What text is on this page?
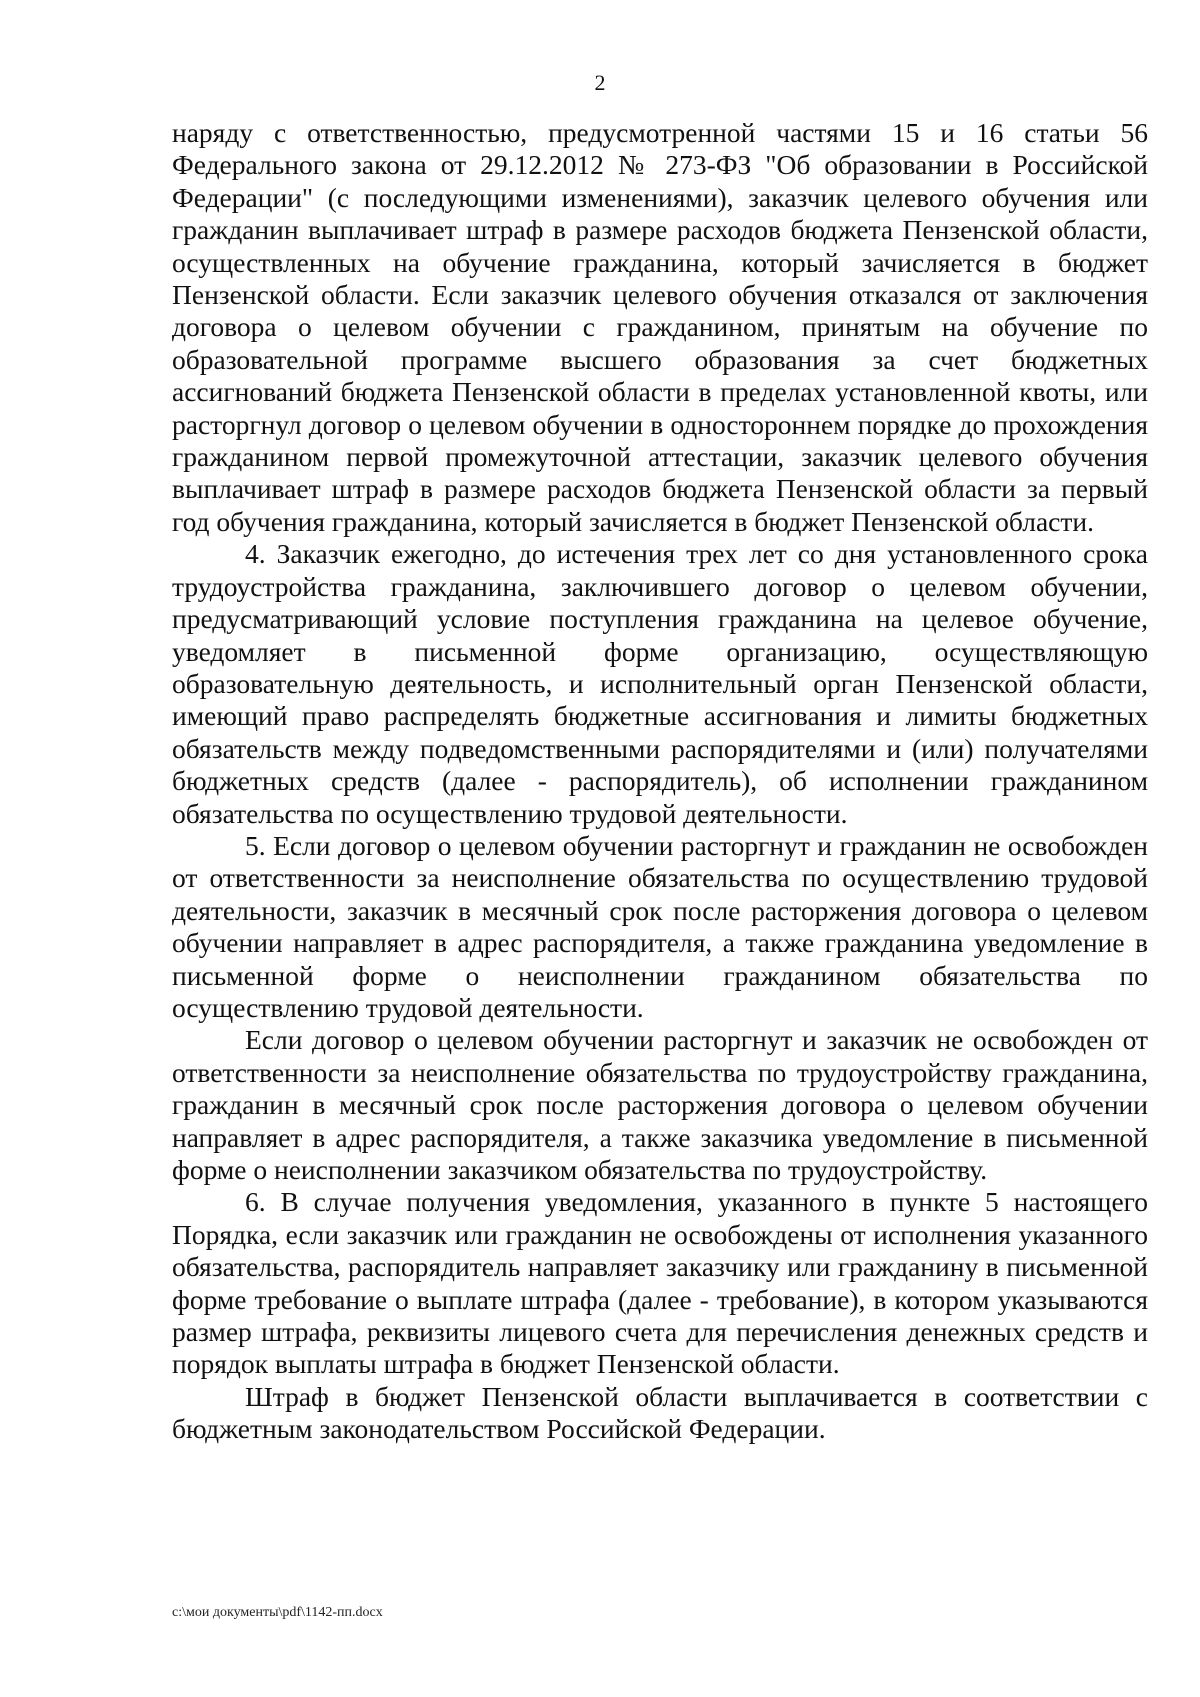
2

наряду с ответственностью, предусмотренной частями 15 и 16 статьи 56 Федерального закона от 29.12.2012 № 273-ФЗ "Об образовании в Российской Федерации" (с последующими изменениями), заказчик целевого обучения или гражданин выплачивает штраф в размере расходов бюджета Пензенской области, осуществленных на обучение гражданина, который зачисляется в бюджет Пензенской области. Если заказчик целевого обучения отказался от заключения договора о целевом обучении с гражданином, принятым на обучение по образовательной программе высшего образования за счет бюджетных ассигнований бюджета Пензенской области в пределах установленной квоты, или расторгнул договор о целевом обучении в одностороннем порядке до прохождения гражданином первой промежуточной аттестации, заказчик целевого обучения выплачивает штраф в размере расходов бюджета Пензенской области за первый год обучения гражданина, который зачисляется в бюджет Пензенской области.

4. Заказчик ежегодно, до истечения трех лет со дня установленного срока трудоустройства гражданина, заключившего договор о целевом обучении, предусматривающий условие поступления гражданина на целевое обучение, уведомляет в письменной форме организацию, осуществляющую образовательную деятельность, и исполнительный орган Пензенской области, имеющий право распределять бюджетные ассигнования и лимиты бюджетных обязательств между подведомственными распорядителями и (или) получателями бюджетных средств (далее - распорядитель), об исполнении гражданином обязательства по осуществлению трудовой деятельности.

5. Если договор о целевом обучении расторгнут и гражданин не освобожден от ответственности за неисполнение обязательства по осуществлению трудовой деятельности, заказчик в месячный срок после расторжения договора о целевом обучении направляет в адрес распорядителя, а также гражданина уведомление в письменной форме о неисполнении гражданином обязательства по осуществлению трудовой деятельности.

Если договор о целевом обучении расторгнут и заказчик не освобожден от ответственности за неисполнение обязательства по трудоустройству гражданина, гражданин в месячный срок после расторжения договора о целевом обучении направляет в адрес распорядителя, а также заказчика уведомление в письменной форме о неисполнении заказчиком обязательства по трудоустройству.

6. В случае получения уведомления, указанного в пункте 5 настоящего Порядка, если заказчик или гражданин не освобождены от исполнения указанного обязательства, распорядитель направляет заказчику или гражданину в письменной форме требование о выплате штрафа (далее - требование), в котором указываются размер штрафа, реквизиты лицевого счета для перечисления денежных средств и порядок выплаты штрафа в бюджет Пензенской области.

Штраф в бюджет Пензенской области выплачивается в соответствии с бюджетным законодательством Российской Федерации.

c:\мои документы\pdf\1142-пп.docx
